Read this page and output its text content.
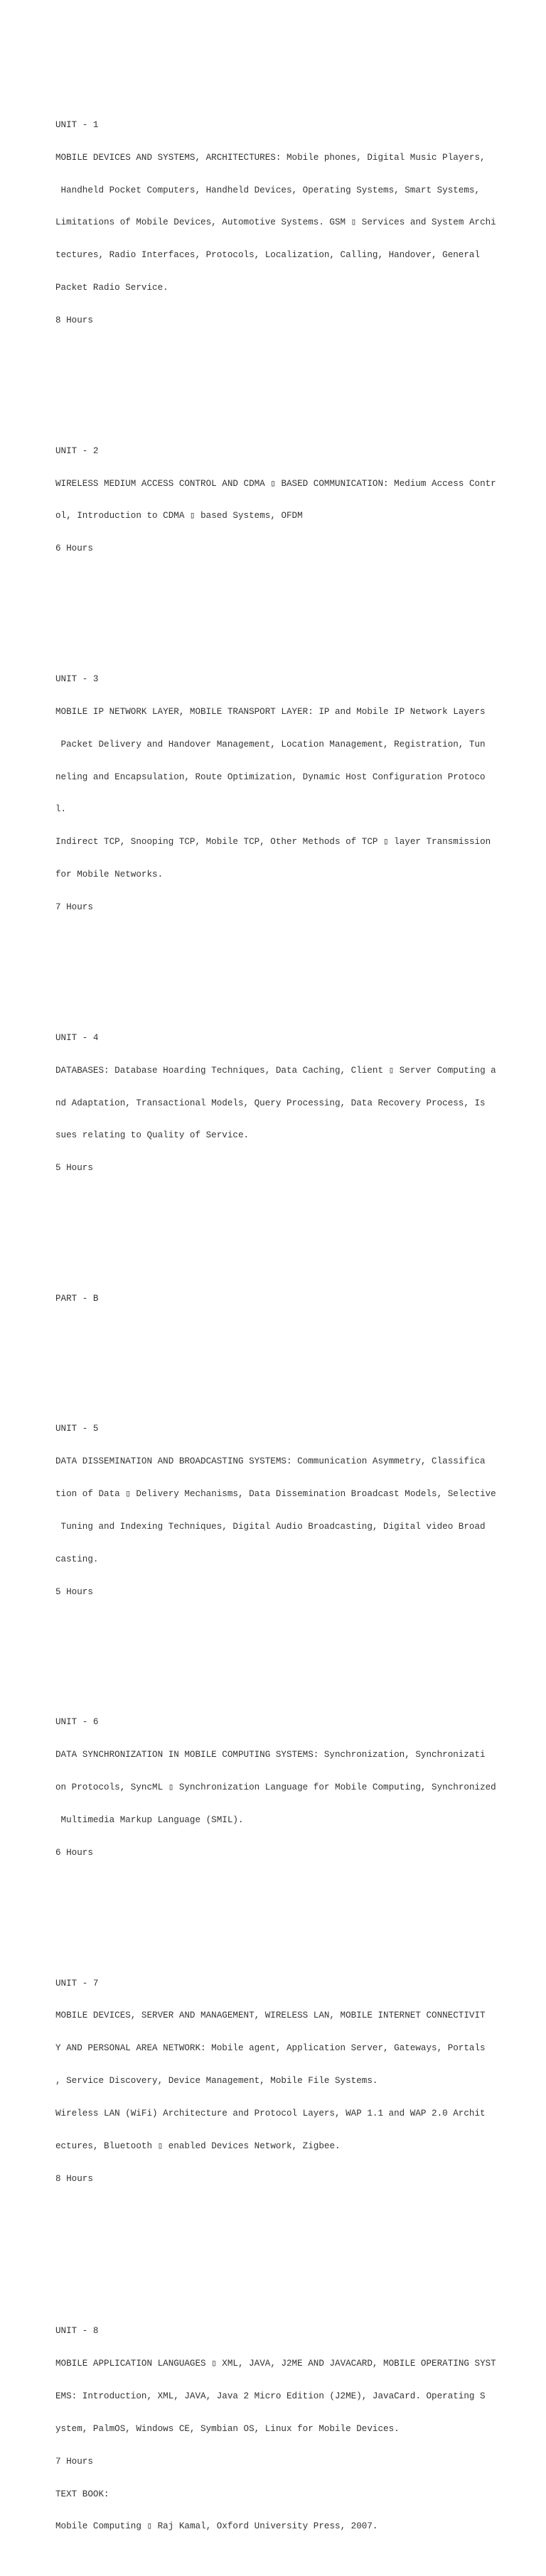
UNIT - 1

MOBILE DEVICES AND SYSTEMS, ARCHITECTURES: Mobile phones, Digital Music Players,

Handheld Pocket Computers, Handheld Devices, Operating Systems, Smart Systems,

Limitations of Mobile Devices, Automotive Systems. GSM ▯ Services and System Archi

tectures, Radio Interfaces, Protocols, Localization, Calling, Handover, General

Packet Radio Service.

8 Hours

UNIT - 2

WIRELESS MEDIUM ACCESS CONTROL AND CDMA ▯ BASED COMMUNICATION: Medium Access Contr

ol, Introduction to CDMA ▯ based Systems, OFDM

6 Hours

UNIT - 3

MOBILE IP NETWORK LAYER, MOBILE TRANSPORT LAYER: IP and Mobile IP Network Layers

Packet Delivery and Handover Management, Location Management, Registration, Tun

neling and Encapsulation, Route Optimization, Dynamic Host Configuration Protoco

l.

Indirect TCP, Snooping TCP, Mobile TCP, Other Methods of TCP ▯ layer Transmission

for Mobile Networks.

7 Hours

UNIT - 4

DATABASES: Database Hoarding Techniques, Data Caching, Client ▯ Server Computing a

nd Adaptation, Transactional Models, Query Processing, Data Recovery Process, Is

sues relating to Quality of Service.

5 Hours

PART - B

UNIT - 5

DATA DISSEMINATION AND BROADCASTING SYSTEMS: Communication Asymmetry, Classifica

tion of Data ▯ Delivery Mechanisms, Data Dissemination Broadcast Models, Selective

Tuning and Indexing Techniques, Digital Audio Broadcasting, Digital video Broad

casting.

5 Hours

UNIT - 6

DATA SYNCHRONIZATION IN MOBILE COMPUTING SYSTEMS: Synchronization, Synchronizati

on Protocols, SyncML ▯ Synchronization Language for Mobile Computing, Synchronized

Multimedia Markup Language (SMIL).

6 Hours

UNIT - 7

MOBILE DEVICES, SERVER AND MANAGEMENT, WIRELESS LAN, MOBILE INTERNET CONNECTIVIT

Y AND PERSONAL AREA NETWORK: Mobile agent, Application Server, Gateways, Portals

, Service Discovery, Device Management, Mobile File Systems.

Wireless LAN (WiFi) Architecture and Protocol Layers, WAP 1.1 and WAP 2.0 Archit

ectures, Bluetooth ▯ enabled Devices Network, Zigbee.

8 Hours

UNIT - 8

MOBILE APPLICATION LANGUAGES ▯ XML, JAVA, J2ME AND JAVACARD, MOBILE OPERATING SYST

EMS: Introduction, XML, JAVA, Java 2 Micro Edition (J2ME), JavaCard. Operating S

ystem, PalmOS, Windows CE, Symbian OS, Linux for Mobile Devices.

7 Hours

TEXT BOOK:

Mobile Computing ▯ Raj Kamal, Oxford University Press, 2007.
